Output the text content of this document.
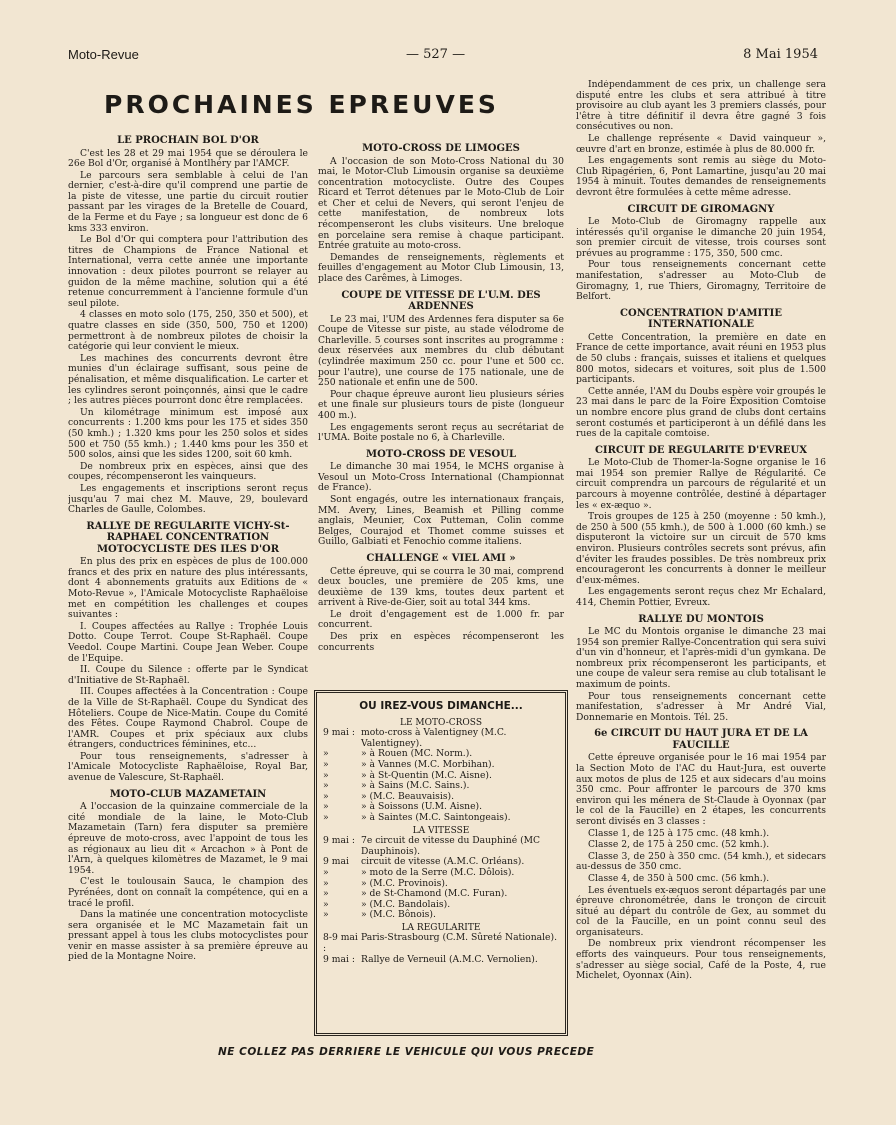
Moto-Revue	— 527 —	8 Mai 1954
PROCHAINES EPREUVES
LE PROCHAIN BOL D'OR

C'est les 28 et 29 mai 1954 que se déroulera le 26e Bol d'Or, organisé à Montlhéry par l'AMCF.

Le parcours sera semblable à celui de l'an dernier, c'est-à-dire qu'il comprend une partie de la piste de vitesse, une partie du circuit routier passant par les virages de la Bretelle de Couard, de la Ferme et du Faye ; sa longueur est donc de 6 kms 333 environ.

Le Bol d'Or qui comptera pour l'attribution des titres de Champions de France National et International, verra cette année une importante innovation : deux pilotes pourront se relayer au guidon de la même machine, solution qui a été retenue concurremment à l'ancienne formule d'un seul pilote.

4 classes en moto solo (175, 250, 350 et 500), et quatre classes en side (350, 500, 750 et 1200) permettront à de nombreux pilotes de choisir la catégorie qui leur convient le mieux.

Les machines des concurrents devront être munies d'un éclairage suffisant, sous peine de pénalisation, et même disqualification. Le carter et les cylindres seront poinçonnés, ainsi que le cadre ; les autres pièces pourront donc être remplacées.

Un kilométrage minimum est imposé aux concurrents : 1.200 kms pour les 175 et sides 350 (50 kmh.) ; 1.320 kms pour les 250 solos et sides 500 et 750 (55 kmh.) ; 1.440 kms pour les 350 et 500 solos, ainsi que les sides 1200, soit 60 kmh.

De nombreux prix en espèces, ainsi que des coupes, récompenseront les vainqueurs.

Les engagements et inscriptions seront reçus jusqu'au 7 mai chez M. Mauve, 29, boulevard Charles de Gaulle, Colombes.

RALLYE DE REGULARITE VICHY-St-RAPHAEL CONCENTRATION MOTOCYCLISTE DES ILES D'OR

En plus des prix en espèces de plus de 100.000 francs et des prix en nature des plus intéressants, dont 4 abonnements gratuits aux Editions de « Moto-Revue », l'Amicale Motocycliste Raphaëloise met en compétition les challenges et coupes suivantes :

I. Coupes affectées au Rallye : Trophée Louis Dotto. Coupe Terrot. Coupe St-Raphaël. Coupe Veedol. Coupe Martini. Coupe Jean Weber. Coupe de l'Equipe.

II. Coupe du Silence : offerte par le Syndicat d'Initiative de St-Raphaël.

III. Coupes affectées à la Concentration : Coupe de la Ville de St-Raphaël. Coupe du Syndicat des Hôteliers. Coupe de Nice-Matin. Coupe du Comité des Fêtes. Coupe Raymond Chabrol. Coupe de l'AMR. Coupes et prix spéciaux aux clubs étrangers, conductrices féminines, etc...

Pour tous renseignements, s'adresser à l'Amicale Motocycliste Raphaëloise, Royal Bar, avenue de Valescure, St-Raphaël.

MOTO-CLUB MAZAMETAIN

A l'occasion de la quinzaine commerciale de la cité mondiale de la laine, le Moto-Club Mazametain (Tarn) fera disputer sa première épreuve de moto-cross, avec l'appoint de tous les as régionaux au lieu dit « Arcachon » à Pont de l'Arn, à quelques kilomètres de Mazamet, le 9 mai 1954.

C'est le toulousain Sauca, le champion des Pyrénées, dont on connaît la compétence, qui en a tracé le profil.

Dans la matinée une concentration motocycliste sera organisée et le MC Mazametain fait un pressant appel à tous les clubs motocyclistes pour venir en masse assister à sa première épreuve au pied de la Montagne Noire.

MOTO-CROSS DE LIMOGES

A l'occasion de son Moto-Cross National du 30 mai, le Motor-Club Limousin organise sa deuxième concentration motocycliste. Outre des Coupes Ricard et Terrot détenues par le Moto-Club de Loir et Cher et celui de Nevers, qui seront l'enjeu de cette manifestation, de nombreux lots récompenseront les clubs visiteurs. Une breloque en porcelaine sera remise à chaque participant. Entrée gratuite au moto-cross.

Demandes de renseignements, règlements et feuilles d'engagement au Motor Club Limousin, 13, place des Carêmes, à Limoges.

COUPE DE VITESSE DE L'U.M. DES ARDENNES

Le 23 mai, l'UM des Ardennes fera disputer sa 6e Coupe de Vitesse sur piste, au stade vélodrome de Charleville. 5 courses sont inscrites au programme : deux réservées aux membres du club débutant (cylindrée maximum 250 cc. pour l'une et 500 cc. pour l'autre), une course de 175 nationale, une de 250 nationale et enfin une de 500.

Pour chaque épreuve auront lieu plusieurs séries et une finale sur plusieurs tours de piste (longueur 400 m.).

Les engagements seront reçus au secrétariat de l'UMA. Boite postale no 6, à Charleville.

MOTO-CROSS DE VESOUL

Le dimanche 30 mai 1954, le MCHS organise à Vesoul un Moto-Cross International (Championnat de France).

Sont engagés, outre les internationaux français, MM. Avery, Lines, Beamish et Pilling comme anglais, Meunier, Cox Putteman, Colin comme Belges, Courajod et Thomet comme suisses et Guillo, Galbiati et Fenochio comme italiens.

CHALLENGE « VIEL AMI »

Cette épreuve, qui se courra le 30 mai, comprend deux boucles, une première de 205 kms, une deuxième de 139 kms, toutes deux partent et arrivent à Rive-de-Gier, soit au total 344 kms.

Le droit d'engagement est de 1.000 fr. par concurrent.

Des prix en espèces récompenseront les concurrents

Indépendamment de ces prix, un challenge sera disputé entre les clubs et sera attribué à titre provisoire au club ayant les 3 premiers classés, pour l'être à titre définitif il devra être gagné 3 fois consécutives ou non.

Le challenge représente « David vainqueur », œuvre d'art en bronze, estimée à plus de 80.000 fr.

Les engagements sont remis au siège du Moto-Club Ripagérien, 6, Pont Lamartine, jusqu'au 20 mai 1954 à minuit. Toutes demandes de renseignements devront être formulées à cette même adresse.

CIRCUIT DE GIROMAGNY

Le Moto-Club de Giromagny rappelle aux intéressés qu'il organise le dimanche 20 juin 1954, son premier circuit de vitesse, trois courses sont prévues au programme : 175, 350, 500 cmc.

Pour tous renseignements concernant cette manifestation, s'adresser au Moto-Club de Giromagny, 1, rue Thiers, Giromagny, Territoire de Belfort.

CONCENTRATION D'AMITIE INTERNATIONALE

Cette Concentration, la première en date en France de cette importance, avait réuni en 1953 plus de 50 clubs : français, suisses et italiens et quelques 800 motos, sidecars et voitures, soit plus de 1.500 participants.

Cette année, l'AM du Doubs espère voir groupés le 23 mai dans le parc de la Foire Exposition Comtoise un nombre encore plus grand de clubs dont certains seront costumés et participeront à un défilé dans les rues de la capitale comtoise.

CIRCUIT DE REGULARITE D'EVREUX

Le Moto-Club de Thomer-la-Sogne organise le 16 mai 1954 son premier Rallye de Régularité. Ce circuit comprendra un parcours de régularité et un parcours à moyenne contrôlée, destiné à départager les « ex-æquo ».

Trois groupes de 125 à 250 (moyenne : 50 kmh.), de 250 à 500 (55 kmh.), de 500 à 1.000 (60 kmh.) se disputeront la victoire sur un circuit de 570 kms environ. Plusieurs contrôles secrets sont prévus, afin d'éviter les fraudes possibles. De très nombreux prix encourageront les concurrents à donner le meilleur d'eux-mêmes.

Les engagements seront reçus chez Mr Echalard, 414, Chemin Pottier, Evreux.

RALLYE DU MONTOIS

Le MC du Montois organise le dimanche 23 mai 1954 son premier Rallye-Concentration qui sera suivi d'un vin d'honneur, et l'après-midi d'un gymkana. De nombreux prix récompenseront les participants, et une coupe de valeur sera remise au club totalisant le maximum de points.

Pour tous renseignements concernant cette manifestation, s'adresser à Mr André Vial, Donnemarie en Montois. Tél. 25.

6e CIRCUIT DU HAUT JURA ET DE LA FAUCILLE

Cette épreuve organisée pour le 16 mai 1954 par la Section Moto de l'AC du Haut-Jura, est ouverte aux motos de plus de 125 et aux sidecars d'au moins 350 cmc. Pour affronter le parcours de 370 kms environ qui les ménera de St-Claude à Oyonnax (par le col de la Faucille) en 2 étapes, les concurrents seront divisés en 3 classes :

Classe 1, de 125 à 175 cmc. (48 kmh.).

Classe 2, de 175 à 250 cmc. (52 kmh.).

Classe 3, de 250 à 350 cmc. (54 kmh.), et sidecars au-dessus de 350 cmc.

Classe 4, de 350 à 500 cmc. (56 kmh.).

Les éventuels ex-æquos seront départagés par une épreuve chronométrée, dans le tronçon de circuit situé au départ du contrôle de Gex, au sommet du col de la Faucille, en un point connu seul des organisateurs.

De nombreux prix viendront récompenser les efforts des vainqueurs. Pour tous renseignements, s'adresser au siège social, Café de la Poste, 4, rue Michelet, Oyonnax (Ain).

OU IREZ-VOUS DIMANCHE...
LE MOTO-CROSS
9 mai : moto-cross à Valentigney (M.C. Valentigney).
»	» à Rouen (MC. Norm.).
»	» à Vannes (M.C. Morbihan).
»	» à St-Quentin (M.C. Aisne).
»	» à Sains (M.C. Sains.).
»	» (M.C. Beauvaisis).
»	» à Soissons (U.M. Aisne).
»	» à Saintes (M.C. Saintongeais).
LA VITESSE
9 mai : 7e circuit de vitesse du Dauphiné (MC Dauphinois).
9 mai	circuit de vitesse (A.M.C. Orléans).
»	» moto de la Serre (M.C. Dôlois).
»	» (M.C. Provinois).
»	» de St-Chamond (M.C. Furan).
»	» (M.C. Bandolais).
»	» (M.C. Bônois).
LA REGULARITE
8-9 mai :
Paris-Strasbourg (C.M. Sûreté Nationale).
9 mai : Rallye de Verneuil (A.M.C. Vernolien).
NE COLLEZ PAS DERRIERE LE VEHICULE QUI VOUS PRECEDE
